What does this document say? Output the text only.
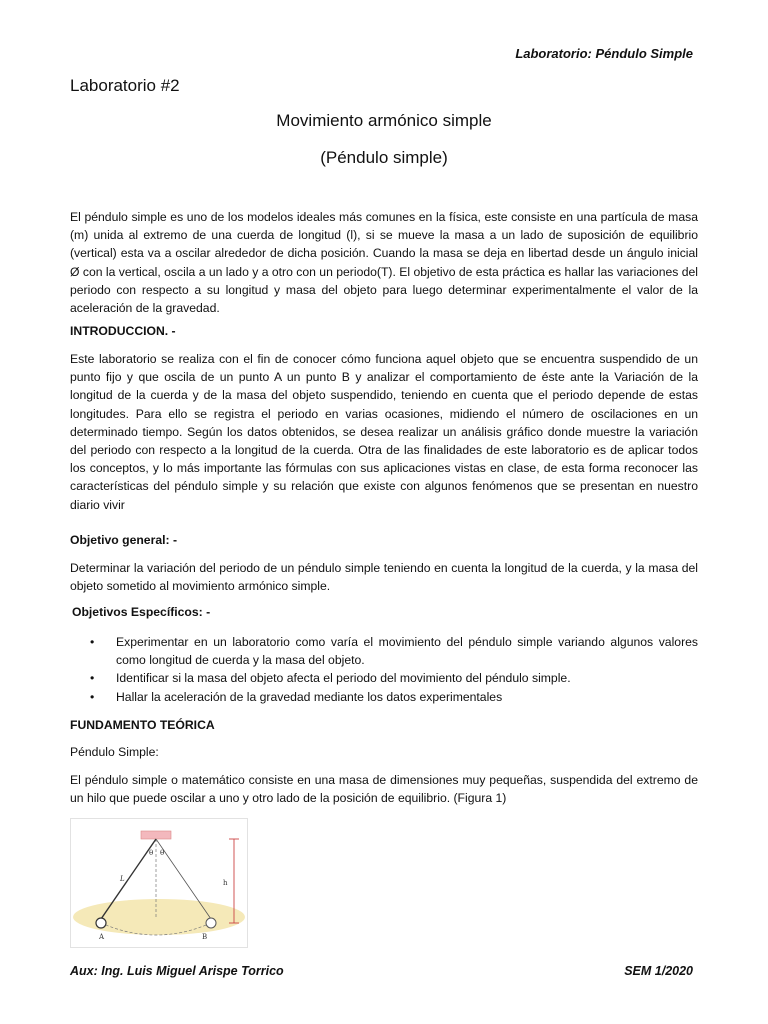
Laboratorio: Péndulo Simple
Laboratorio #2
Movimiento armónico simple
(Péndulo simple)
El péndulo simple es uno de los modelos ideales más comunes en la física, este consiste en una partícula de masa (m) unida al extremo de una cuerda de longitud (l), si se mueve la masa a un lado de suposición de equilibrio (vertical) esta va a oscilar alrededor de dicha posición. Cuando la masa se deja en libertad desde un ángulo inicial Ø con la vertical, oscila a un lado y a otro con un periodo(T). El objetivo de esta práctica es hallar las variaciones del periodo con respecto a su longitud y masa del objeto para luego determinar experimentalmente el valor de la aceleración de la gravedad.
INTRODUCCION. -
Este laboratorio se realiza con el fin de conocer cómo funciona aquel objeto que se encuentra suspendido de un punto fijo y que oscila de un punto A un punto B y analizar el comportamiento de éste ante la Variación de la longitud de la cuerda y de la masa del objeto suspendido, teniendo en cuenta que el periodo depende de estas longitudes. Para ello se registra el periodo en varias ocasiones, midiendo el número de oscilaciones en un determinado tiempo. Según los datos obtenidos, se desea realizar un análisis gráfico donde muestre la variación del periodo con respecto a la longitud de la cuerda. Otra de las finalidades de este laboratorio es de aplicar todos los conceptos, y lo más importante las fórmulas con sus aplicaciones vistas en clase, de esta forma reconocer las características del péndulo simple y su relación que existe con algunos fenómenos que se presentan en nuestro diario vivir
Objetivo general: -
Determinar la variación del periodo de un péndulo simple teniendo en cuenta la longitud de la cuerda, y la masa del objeto sometido al movimiento armónico simple.
Objetivos Específicos: -
• Experimentar en un laboratorio como varía el movimiento del péndulo simple variando algunos valores como longitud de cuerda y la masa del objeto.
• Identificar si la masa del objeto afecta el periodo del movimiento del péndulo simple.
• Hallar la aceleración de la gravedad mediante los datos experimentales
FUNDAMENTO TEÓRICA
Péndulo Simple:
El péndulo simple o matemático consiste en una masa de dimensiones muy pequeñas, suspendida del extremo de un hilo que puede oscilar a uno y otro lado de la posición de equilibrio. (Figura 1)
θ θ
L	h
A	B
Aux: Ing. Luis Miguel Arispe Torrico	SEM 1/2020
